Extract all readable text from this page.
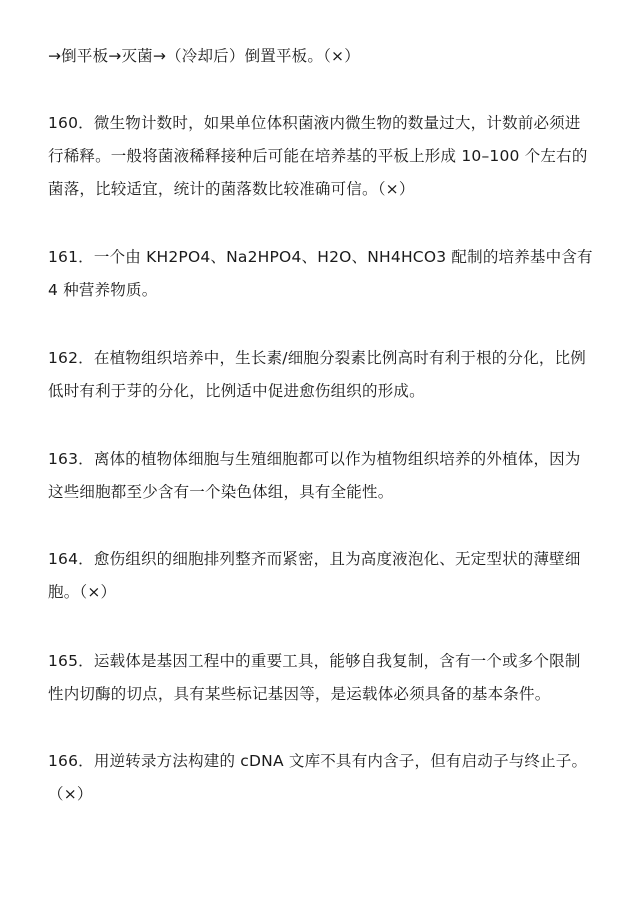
→倒平板→灭菌→（冷却后）倒置平板。（×）

160．微生物计数时，如果单位体积菌液内微生物的数量过大，计数前必须进行稀释。一般将菌液稀释接种后可能在培养基的平板上形成 10–100 个左右的菌落，比较适宜，统计的菌落数比较准确可信。（×）

161．一个由 KH2PO4、Na2HPO4、H2O、NH4HCO3 配制的培养基中含有 4 种营养物质。

162．在植物组织培养中，生长素/细胞分裂素比例高时有利于根的分化，比例低时有利于芽的分化，比例适中促进愈伤组织的形成。

163．离体的植物体细胞与生殖细胞都可以作为植物组织培养的外植体，因为这些细胞都至少含有一个染色体组，具有全能性。

164．愈伤组织的细胞排列整齐而紧密，且为高度液泡化、无定型状的薄壁细胞。（×）

165．运载体是基因工程中的重要工具，能够自我复制，含有一个或多个限制性内切酶的切点，具有某些标记基因等，是运载体必须具备的基本条件。

166．用逆转录方法构建的 cDNA 文库不具有内含子，但有启动子与终止子。（×）
